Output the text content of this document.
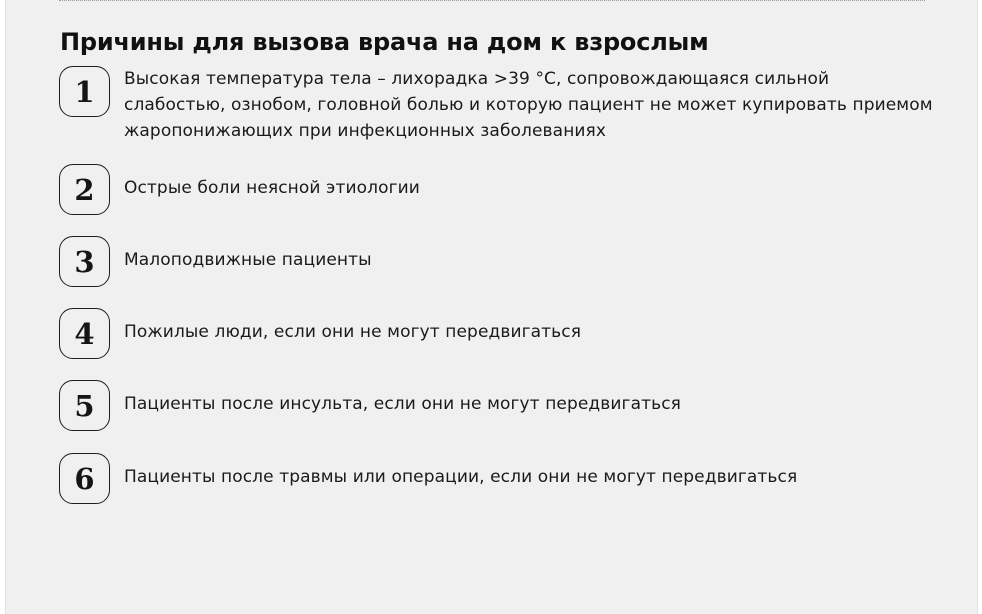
Причины для вызова врача на дом к взрослым
1	Высокая температура тела – лихорадка >39 °C, сопровождающаяся сильной слабостью, ознобом, головной болью и которую пациент не может купировать приемом жаропонижающих при инфекционных заболеваниях
2	Острые боли неясной этиологии
3	Малоподвижные пациенты
4	Пожилые люди, если они не могут передвигаться
5	Пациенты после инсульта, если они не могут передвигаться
6	Пациенты после травмы или операции, если они не могут передвигаться
